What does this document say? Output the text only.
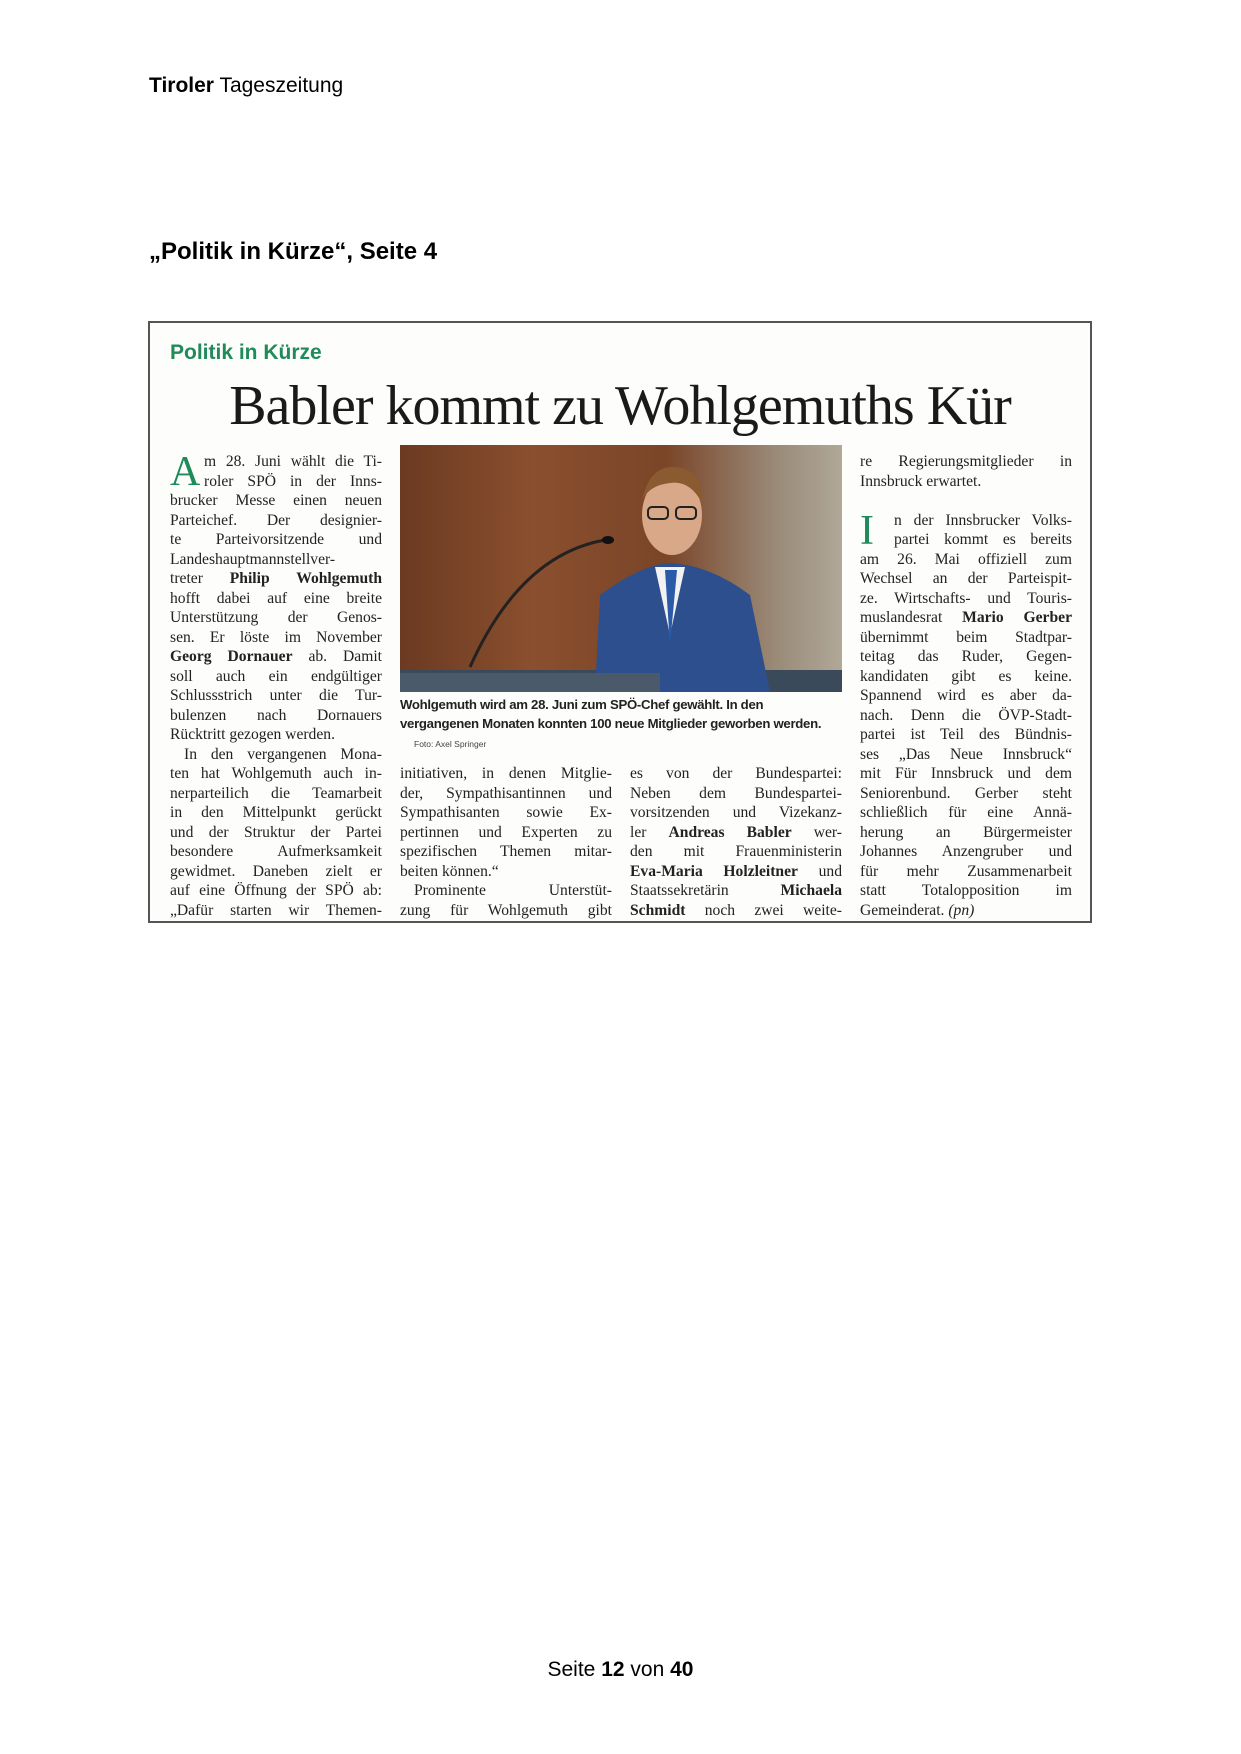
Tiroler Tageszeitung
„Politik in Kürze“, Seite 4
Politik in Kürze
Babler kommt zu Wohlgemuths Kür
A m 28. Juni wählt die Ti-
roler SPÖ in der Inns-
brucker Messe einen neuen
Parteichef. Der designier-
te Parteivorsitzende und
Landeshauptmannstellver-
treter Philip Wohlgemuth
hofft dabei auf eine breite
Unterstützung der Genos-
sen. Er löste im November
Georg Dornauer ab. Damit
soll auch ein endgültiger
Schlussstrich unter die Tur-
bulenzen nach Dornauers
Rücktritt gezogen werden.
In den vergangenen Mona-
ten hat Wohlgemuth auch in-
nerparteilich die Teamarbeit
in den Mittelpunkt gerückt
und der Struktur der Partei
besondere Aufmerksamkeit
gewidmet. Daneben zielt er
auf eine Öffnung der SPÖ ab:
„Dafür starten wir Themen-
initiativen, in denen Mitglie-
der, Sympathisantinnen und
Sympathisanten sowie Ex-
pertinnen und Experten zu
spezifischen Themen mitar-
beiten können.“
Prominente Unterstüt-
zung für Wohlgemuth gibt
es von der Bundespartei:
Neben dem Bundespartei-
vorsitzenden und Vizekanz-
ler Andreas Babler wer-
den mit Frauenministerin
Eva-Maria Holzleitner und
Staatssekretärin Michaela
Schmidt noch zwei weite-
re Regierungsmitglieder in
Innsbruck erwartet.

I n der Innsbrucker Volks-
partei kommt es bereits
am 26. Mai offiziell zum
Wechsel an der Parteispit-
ze. Wirtschafts- und Touris-
muslandesrat Mario Gerber
übernimmt beim Stadtpar-
teitag das Ruder, Gegen-
kandidaten gibt es keine.
Spannend wird es aber da-
nach. Denn die ÖVP-Stadt-
partei ist Teil des Bündnis-
ses „Das Neue Innsbruck“
mit Für Innsbruck und dem
Seniorenbund. Gerber steht
schließlich für eine Annä-
herung an Bürgermeister
Johannes Anzengruber und
für mehr Zusammenarbeit
statt Totalopposition im
Gemeinderat. (pn)
Wohlgemuth wird am 28. Juni zum SPÖ-Chef gewählt. In den vergangenen Monaten konnten 100 neue Mitglieder geworben werden.Foto: Axel Springer
Seite 12 von 40
